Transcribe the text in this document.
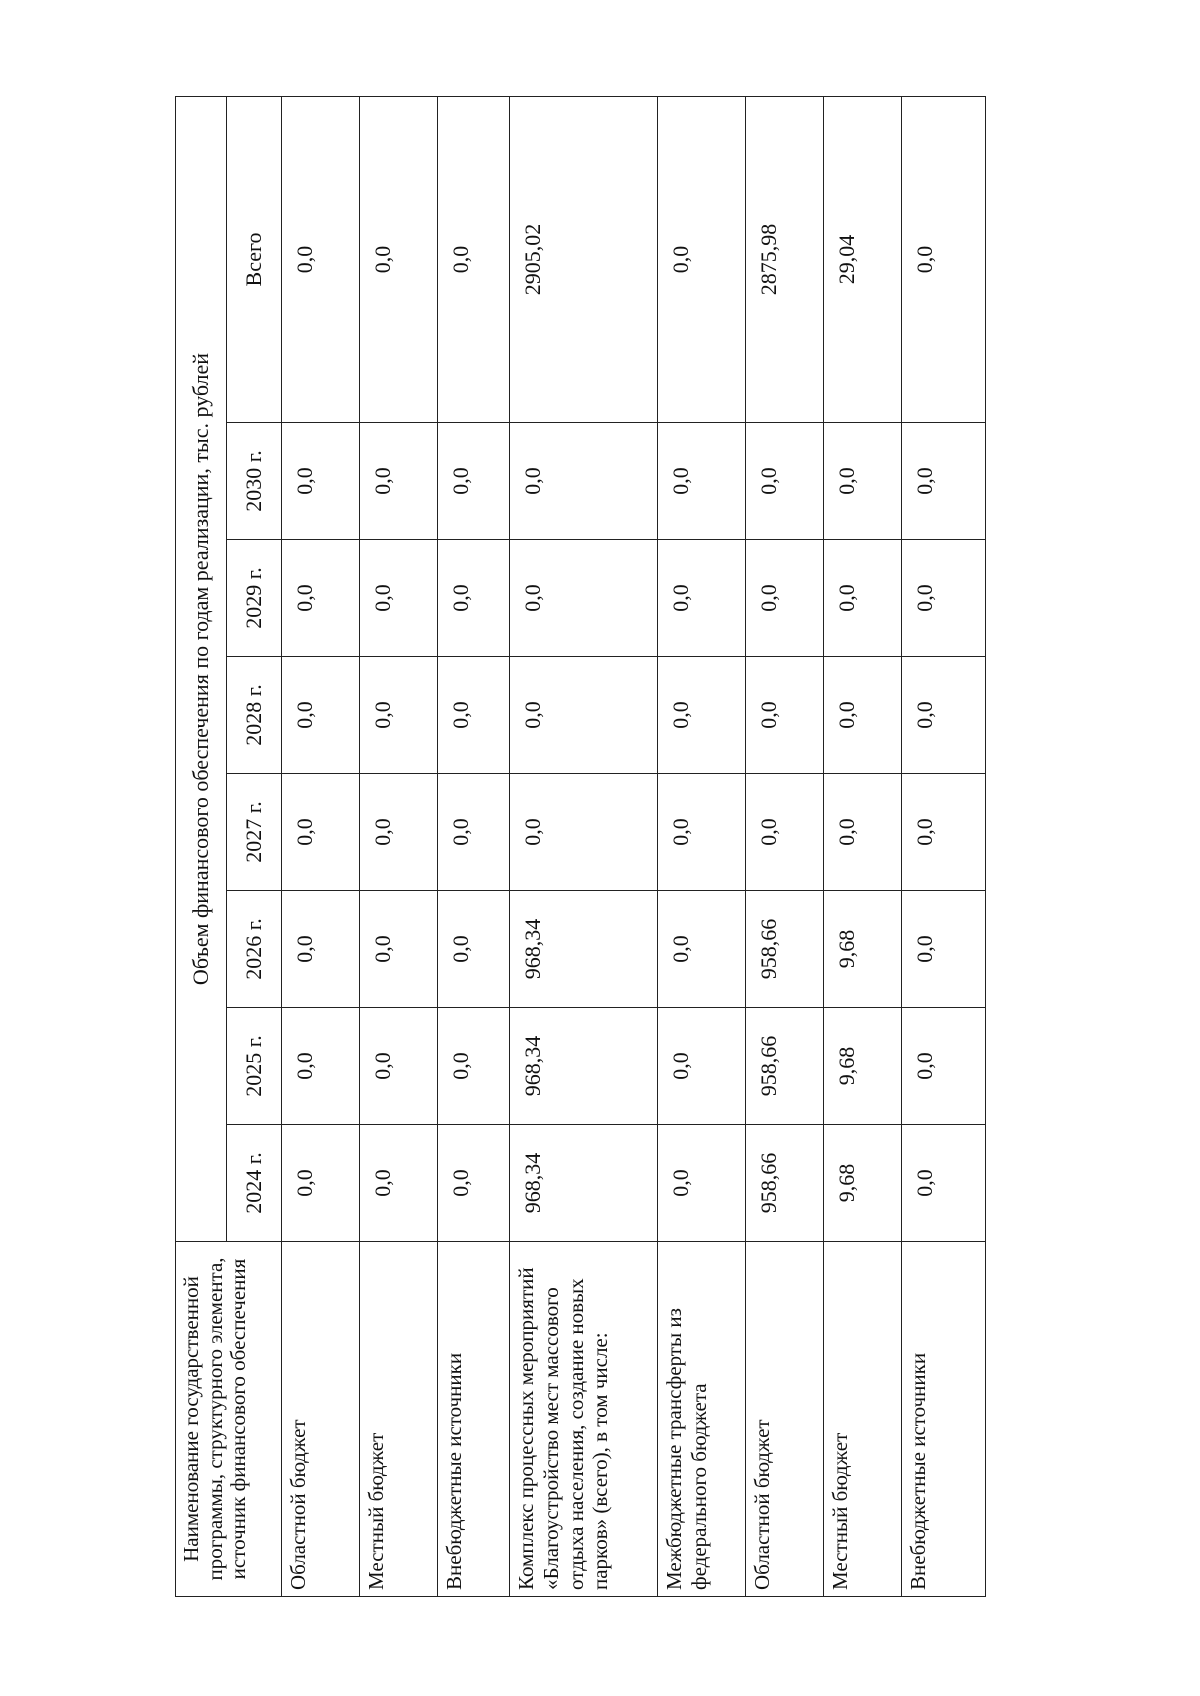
Наименование государственной программы, структурного элемента, источник финансового обеспечения	Объем финансового обеспечения по годам реализации, тыс. рублей							
	2024 г.	2025 г.	2026 г.	2027 г.	2028 г.	2029 г.	2030 г.	Всего
Областной бюджет	0,0	0,0	0,0	0,0	0,0	0,0	0,0	0,0
Местный бюджет	0,0	0,0	0,0	0,0	0,0	0,0	0,0	0,0
Внебюджетные источники	0,0	0,0	0,0	0,0	0,0	0,0	0,0	0,0
Комплекс процессных мероприятий «Благоустройство мест массового отдыха населения, создание новых парков» (всего), в том числе:	968,34	968,34	968,34	0,0	0,0	0,0	0,0	2905,02
Межбюджетные трансферты из федерального бюджета	0,0	0,0	0,0	0,0	0,0	0,0	0,0	0,0
Областной бюджет	958,66	958,66	958,66	0,0	0,0	0,0	0,0	2875,98
Местный бюджет	9,68	9,68	9,68	0,0	0,0	0,0	0,0	29,04
Внебюджетные источники	0,0	0,0	0,0	0,0	0,0	0,0	0,0	0,0
